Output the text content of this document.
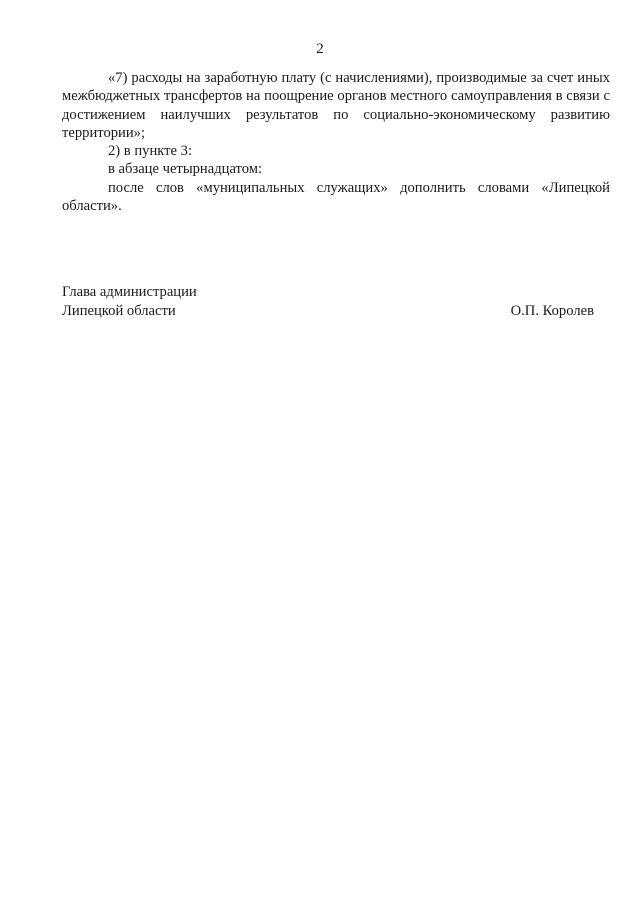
2

«7) расходы на заработную плату (с начислениями), производимые за счет иных межбюджетных трансфертов на поощрение органов местного самоуправления в связи с достижением наилучших результатов по социально-экономическому развитию территории»;

2) в пункте 3:

в абзаце четырнадцатом:

после слов «муниципальных служащих» дополнить словами «Липецкой области».

Глава администрации
Липецкой области	О.П. Королев
